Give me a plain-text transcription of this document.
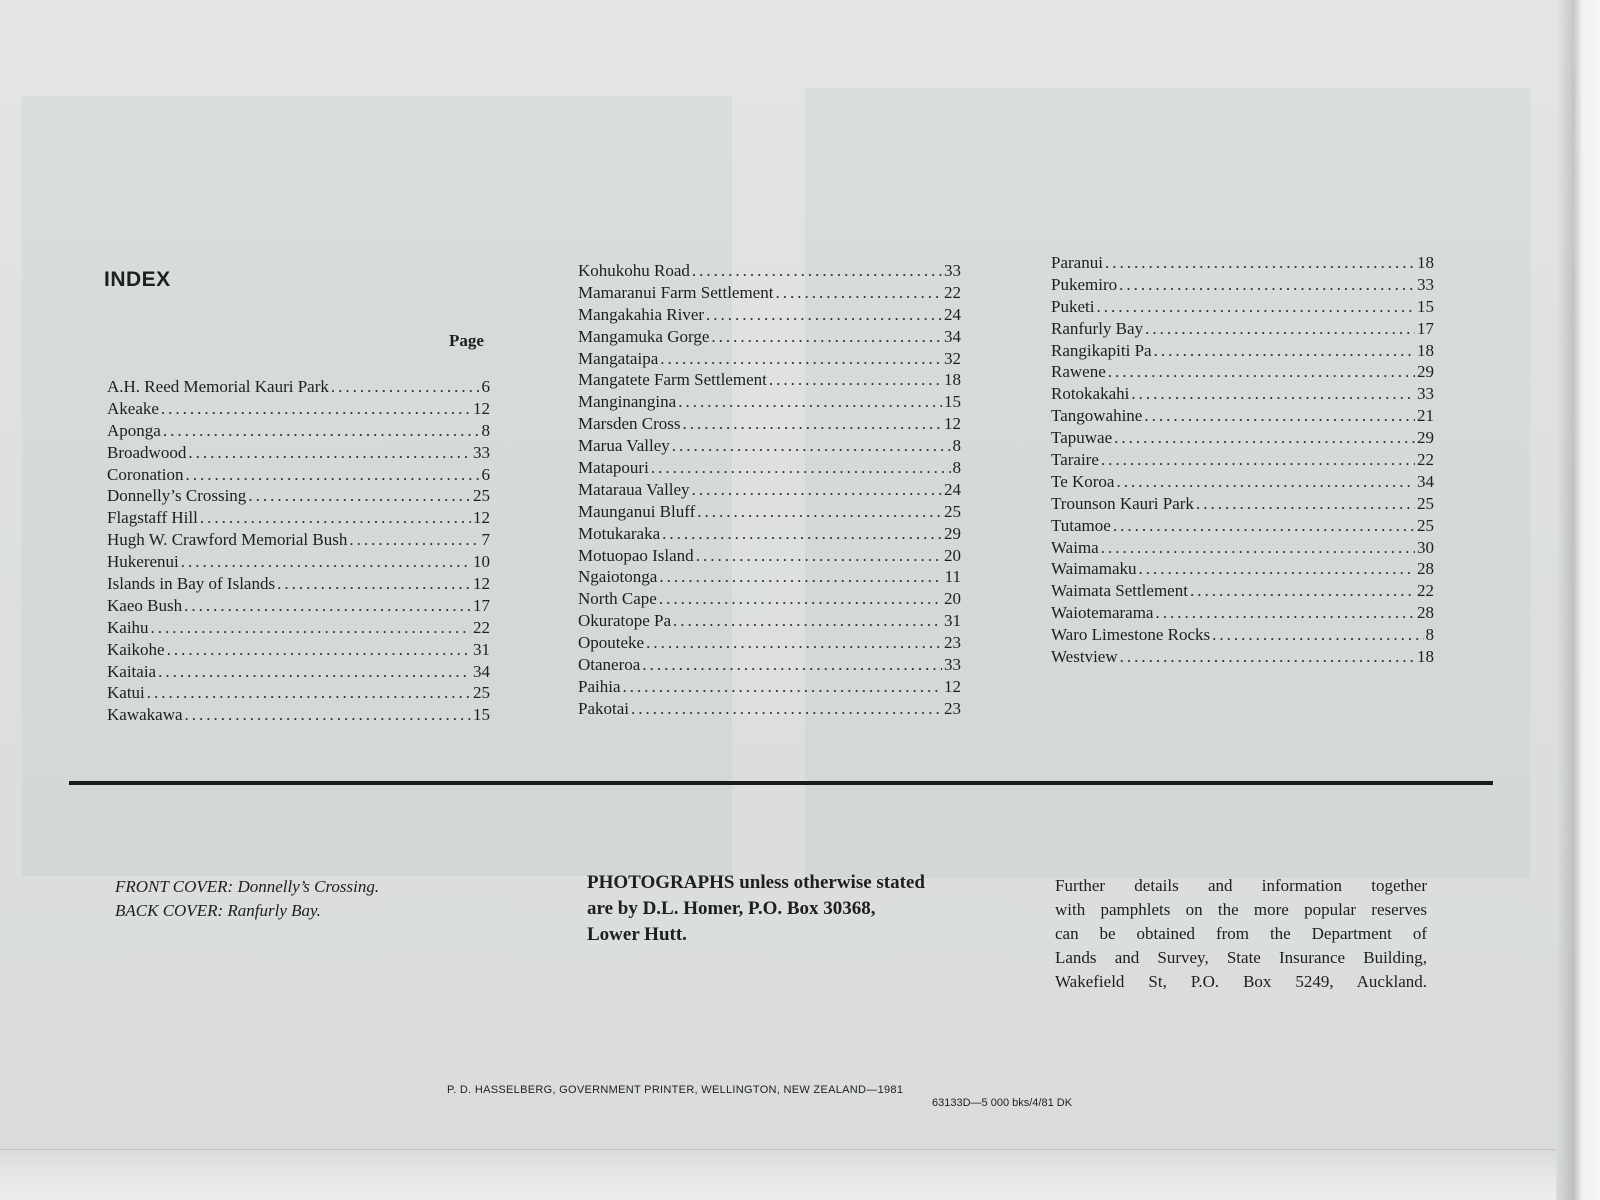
INDEX
Page
A.H. Reed Memorial Kauri Park .....	6
Akeake .....	12
Aponga .....	8
Broadwood .....	33
Coronation .....	6
Donnelly’s Crossing .....	25
Flagstaff Hill .....	12
Hugh W. Crawford Memorial Bush .....	7
Hukerenui .....	10
Islands in Bay of Islands .....	12
Kaeo Bush .....	17
Kaihu .....	22
Kaikohe .....	31
Kaitaia .....	34
Katui .....	25
Kawakawa .....	15
Kohukohu Road .....	33
Mamaranui Farm Settlement .....	22
Mangakahia River .....	24
Mangamuka Gorge .....	34
Mangataipa .....	32
Mangatete Farm Settlement .....	18
Manginangina .....	15
Marsden Cross .....	12
Marua Valley .....	8
Matapouri .....	8
Mataraua Valley .....	24
Maunganui Bluff .....	25
Motukaraka .....	29
Motuopao Island .....	20
Ngaiotonga .....	11
North Cape .....	20
Okuratope Pa .....	31
Opouteke .....	23
Otaneroa .....	33
Paihia .....	12
Pakotai .....	23
Paranui .....	18
Pukemiro .....	33
Puketi .....	15
Ranfurly Bay .....	17
Rangikapiti Pa .....	18
Rawene .....	29
Rotokakahi .....	33
Tangowahine .....	21
Tapuwae .....	29
Taraire .....	22
Te Koroa .....	34
Trounson Kauri Park .....	25
Tutamoe .....	25
Waima .....	30
Waimamaku .....	28
Waimata Settlement .....	22
Waiotemarama .....	28
Waro Limestone Rocks .....	8
Westview .....	18
FRONT COVER: Donnelly’s Crossing.
BACK COVER: Ranfurly Bay.
PHOTOGRAPHS unless otherwise stated
are by D.L. Homer, P.O. Box 30368,
Lower Hutt.
Further details and information together
with pamphlets on the more popular reserves
can be obtained from the Department of
Lands and Survey, State Insurance Building,
Wakefield St, P.O. Box 5249, Auckland.
P. D. HASSELBERG, GOVERNMENT PRINTER, WELLINGTON, NEW ZEALAND—1981
63133D—5 000 bks/4/81 DK
